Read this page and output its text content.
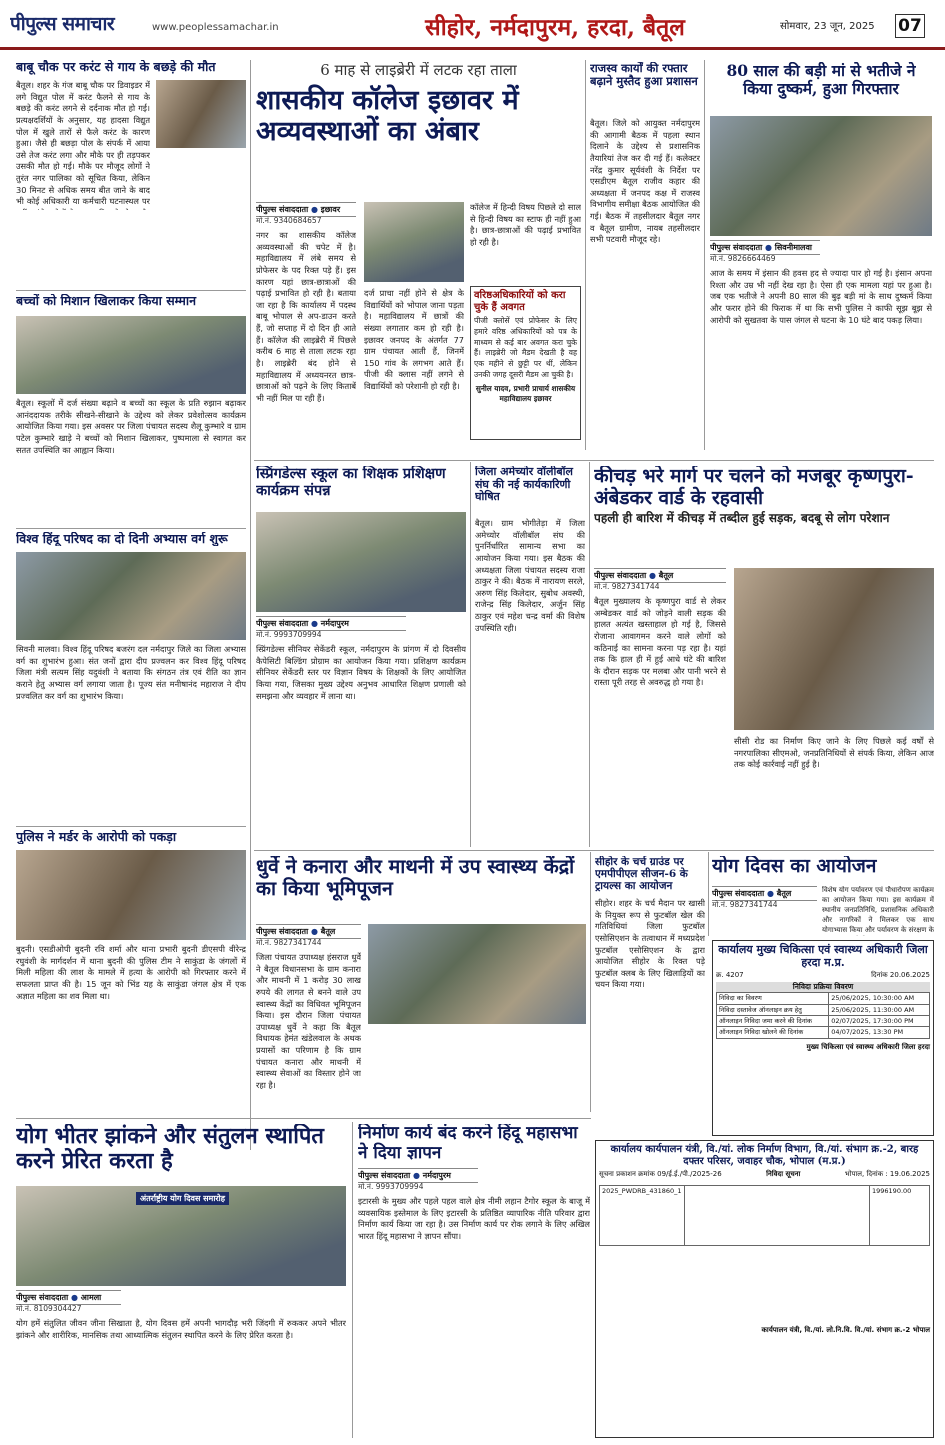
पीपुल्स समाचार	www.peoplessamachar.in	सीहोर, नर्मदापुरम, हरदा, बैतूल	सोमवार, 23 जून, 2025 07
बाबू चौक पर करंट से गाय के बछड़े की मौत
बैतूल। शहर के गंज बाबू चौक पर डिवाइडर में लगे विद्युत पोल में करंट फैलने से गाय के बछड़े की करंट लगने से दर्दनाक मौत हो गई। प्रत्यक्षदर्शियों के अनुसार, यह हादसा विद्युत पोल में खुले तारों से फैले करंट के कारण हुआ। जैसे ही बछड़ा पोल के संपर्क में आया उसे तेज करंट लगा और मौके पर ही तड़पकर उसकी मौत हो गई। मौके पर मौजूद लोगों ने तुरंत नगर पालिका को सूचित किया, लेकिन 30 मिनट से अधिक समय बीत जाने के बाद भी कोई अधिकारी या कर्मचारी घटनास्थल पर
बच्चों को मिशान खिलाकर किया सम्मान
बैतूल। स्कूलों में दर्ज संख्या बढ़ाने व बच्चों का स्कूल के प्रति रुझान बढ़ाकर आनंददायक तरीके सीखने-सीखाने के उद्देश्य को लेकर प्रवेशोत्सव कार्यक्रम आयोजित किया गया। इस अवसर पर जिला पंचायत सदस्य शैलू कुम्भारे व ग्राम पटेल कुम्भारे खाड़े ने बच्चों को मिशान खिलाकर, पुष्पमाला से स्वागत कर सतत उपस्थिति का आह्वान किया।
विश्व हिंदू परिषद का दो दिनी अभ्यास वर्ग शुरू
सिवनी मालवा। विश्व हिंदू परिषद बजरंग दल नर्मदापुर जिले का जिला अभ्यास वर्ग का शुभारंभ हुआ। संत जनों द्वारा दीप प्रज्वलन कर विश्व हिंदू परिषद जिला मंत्री सत्यम सिंह यदुवंशी ने बताया कि संगठन तंत्र एवं रीति का ज्ञान कराने हेतु अभ्यास वर्ग लगाया जाता है। पूज्य संत मनीषानंद महाराज ने दीप प्रज्वलित कर वर्ग का शुभारंभ किया।
पुलिस ने मर्डर के आरोपी को पकड़ा
बुदनी। एसडीओपी बुदनी रवि शर्मा और थाना प्रभारी बुदनी डीएसपी वीरेन्द्र रघुवंशी के मार्गदर्शन में थाना बुदनी की पुलिस टीम ने साकुंडा के जंगलों में मिली महिला की लाश के मामले में हत्या के आरोपी को गिरफ्तार करने में सफलता प्राप्त की है। 15 जून को भिंड यह के साकुंडा जंगल क्षेत्र में एक अज्ञात महिला का शव मिला था।
6 माह से लाइब्रेरी में लटक रहा ताला
शासकीय कॉलेज इछावर में अव्यवस्थाओं का अंबार
पीपुल्स संवाददाता ● इछावर
मो.नं. 9340684657
नगर का शासकीय कॉलेज अव्यवस्थाओं की चपेट में है। महाविद्यालय में लंबे समय से प्रोफेसर के पद रिक्त पड़े हैं। इस कारण यहां छात्र-छात्राओं की पढ़ाई प्रभावित हो रही है। बताया जा रहा है कि कार्यालय में पदस्थ बाबू भोपाल से अप-डाउन करते हैं, जो सप्ताह में दो दिन ही आते हैं। कॉलेज की लाइब्रेरी में पिछले करीब 6 माह से ताला लटक रहा है। लाइब्रेरी बंद होने से महाविद्यालय में अध्ययनरत छात्र-छात्राओं को पढ़ने के लिए किताबें भी नहीं मिल पा रही हैं।
दर्ज प्राचा नहीं होने से क्षेत्र के विद्यार्थियों को भोपाल जाना पड़ता है। महाविद्यालय में छात्रों की संख्या लगातार कम हो रही है। इछावर जनपद के अंतर्गत 77 ग्राम पंचायत आती हैं, जिनमें 150 गांव के लगभग आते हैं। पीजी की क्लास नहीं लगने से विद्यार्थियों को परेशानी हो रही है।
कॉलेज में हिन्दी विषय पिछले दो साल से हिन्दी विषय का स्टाफ ही नहीं हुआ है। छात्र-छात्राओं की पढ़ाई प्रभावित हो रही है।
वरिष्ठअधिकारियों को करा चुके हैं अवगत
पीजी क्लोसें एवं प्रोफेसर के लिए हमारे वरिष्ठ अधिकारियों को पत्र के माध्यम से कई बार अवगत करा चुके हैं। लाइब्रेरी जो मैडम देखती है वह एक महीने से छुट्टी पर थीं, लेकिन उनकी जगह दूसरी मैडम आ चुकी है।
सुनील यादव, प्रभारी प्राचार्य शासकीय महाविद्यालय इछावर
राजस्व कार्यों की रफ्तार बढ़ाने मुस्तैद हुआ प्रशासन
बैतूल। जिले को आयुक्त नर्मदापुरम की आगामी बैठक में पहला स्थान दिलाने के उद्देश्य से प्रशासनिक तैयारियां तेज कर दी गई हैं। कलेक्टर नरेंद्र कुमार सूर्यवंशी के निर्देश पर एसडीएम बैतूल राजीव कहार की अध्यक्षता में जनपद कक्ष में राजस्व विभागीय समीक्षा बैठक आयोजित की गई। बैठक में तहसीलदार बैतूल नगर व बैतूल ग्रामीण, नायब तहसीलदार सभी पटवारी मौजूद रहे।
80 साल की बड़ी मां से भतीजे ने किया दुष्कर्म, हुआ गिरफ्तार
पीपुल्स संवाददाता ● सिवनीमालवा
मो.नं. 9826664469
आज के समय में इंसान की हवस हद से ज्यादा पार हो गई है। इंसान अपना रिश्ता और उम्र भी नहीं देख रहा है। ऐसा ही एक मामला यहां पर हुआ है। जब एक भतीजे ने अपनी 80 साल की बुढ़ बड़ी मां के साथ दुष्कर्म किया और फरार होने की फिराक में था कि सभी पुलिस ने काफी सूझ बूझ से आरोपी को सुखतवा के पास जंगल से घटना के 10 घंटे बाद पकड़ लिया।
स्प्रिंगडेल्स स्कूल का शिक्षक प्रशिक्षण कार्यक्रम संपन्न
पीपुल्स संवाददाता ● नर्मदापुरम
मो.नं. 9993709994
स्प्रिंगडेल्स सीनियर सेकेंडरी स्कूल, नर्मदापुरम के प्रांगण में दो दिवसीय कैपेसिटी बिल्डिंग प्रोग्राम का आयोजन किया गया। प्रशिक्षण कार्यक्रम सीनियर सेकेंडरी स्तर पर विज्ञान विषय के शिक्षकों के लिए आयोजित किया गया, जिसका मुख्य उद्देश्य अनुभव आधारित शिक्षण प्रणाली को समझना और व्यवहार में लाना था।
जिला अमेच्योर वॉलीबॉल संघ की नई कार्यकारिणी घोषित
बैतूल। ग्राम भोगीतेड़ा में जिला अमेच्योर वॉलीबॉल संघ की पुनर्निर्धारित सामान्य सभा का आयोजन किया गया। इस बैठक की अध्यक्षता जिला पंचायत सदस्य राजा ठाकुर ने की। बैठक में नारायण सरले, अरुण सिंह किलेदार, सुबोध अवस्थी, राजेन्द्र सिंह किलेदार, अर्जुन सिंह ठाकुर एवं महेश चन्द्र वर्मा की विशेष उपस्थिति रही।
कीचड़ भरे मार्ग पर चलने को मजबूर कृष्णपुरा-अंबेडकर वार्ड के रहवासी
पहली ही बारिश में कीचड़ में तब्दील हुई सड़क, बदबू से लोग परेशान
पीपुल्स संवाददाता ● बैतूल
मो.नं. 9827341744
बैतूल मुख्यालय के कृष्णपुरा वार्ड से लेकर अम्बेडकर वार्ड को जोड़ने वाली सड़क की हालत अत्यंत खस्ताहाल हो गई है, जिससे रोजाना आवागमन करने वाले लोगों को कठिनाई का सामना करना पड़ रहा है। यहां तक कि हाल ही में हुई आधे घंटे की बारिश के दौरान सड़क पर मलबा और पानी भरने से रास्ता पूरी तरह से अवरुद्ध हो गया है।
सीसी रोड का निर्माण किए जाने के लिए पिछले कई वर्षों से नगरपालिका सीएमओ, जनप्रतिनिधियों से संपर्क किया, लेकिन आज तक कोई कार्रवाई नहीं हुई है।
धुर्वे ने कनारा और माथनी में उप स्वास्थ्य केंद्रों का किया भूमिपूजन
पीपुल्स संवाददाता ● बैतूल
मो.नं. 9827341744
जिला पंचायत उपाध्यक्ष हंसराज धुर्वे ने बैतूल विधानसभा के ग्राम कनारा और माथनी में 1 करोड़ 30 लाख रुपये की लागत से बनने वाले उप स्वास्थ्य केंद्रों का विधिवत भूमिपूजन किया। इस दौरान जिला पंचायत उपाध्यक्ष धुर्वे ने कहा कि बैतूल विधायक हेमंत खंडेलवाल के अथक प्रयासों का परिणाम है कि ग्राम पंचायत कनारा और माथनी में स्वास्थ्य सेवाओं का विस्तार होने जा रहा है।
सीहोर के चर्च ग्राउंड पर एमपीपीएल सीजन-6 के ट्रायल्स का आयोजन
सीहोर। शहर के चर्च मैदान पर खासी के नियुक्त रूप से फुटबॉल खेल की गतिविधियां जिला फुटबॉल एसोसिएशन के तत्वाधान में मध्यप्रदेश फुटबॉल एसोसिएशन के द्वारा आयोजित सीहोर के रिक्त पड़े फुटबॉल क्लब के लिए खिलाड़ियों का चयन किया गया।
योग दिवस का आयोजन
पीपुल्स संवाददाता ● बैतूल
मो.नं. 9827341744
विशेष योग पर्यावरण एवं पौधारोपण कार्यक्रम का आयोजन किया गया। इस कार्यक्रम में स्थानीय जनप्रतिनिधि, प्रशासनिक अधिकारी और नागरिकों ने मिलकर एक साथ योगाभ्यास किया और पर्यावरण के संरक्षण के
कार्यालय मुख्य चिकित्सा एवं स्वास्थ्य अधिकारी जिला हरदा म.प्र.
क्र. 4207	दिनांक 20.06.2025
निविदा प्रक्रिया विवरण
निविदा का विवरण	25/06/2025, 10:30:00 AM
निविदा दस्तावेज ऑनलाइन क्रय हेतु	25/06/2025, 11:30:00 AM
ऑनलाइन निविदा जमा करने की दिनांक	02/07/2025, 17:30:00 PM
ऑनलाइन निविदा खोलने की दिनांक	04/07/2025, 13:30 PM
मुख्य चिकित्सा एवं स्वास्थ्य अधिकारी जिला हरदा
योग भीतर झांकने और संतुलन स्थापित करने प्रेरित करता है
अंतर्राष्ट्रीय योग दिवस समारोह
पीपुल्स संवाददाता ● आमला
मो.नं. 8109304427
योग हमें संतुलित जीवन जीना सिखाता है, योग दिवस हमें अपनी भागदौड़ भरी जिंदगी में रुककर अपने भीतर झांकने और शारीरिक, मानसिक तथा आध्यात्मिक संतुलन स्थापित करने के लिए प्रेरित करता है।
निर्माण कार्य बंद करने हिंदू महासभा ने दिया ज्ञापन
पीपुल्स संवाददाता ● नर्मदापुरम
मो.नं. 9993709994
इटारसी के मुख्य और पहले पहल वाले क्षेत्र नीमी लहान टैगोर स्कूल के बाजू में व्यवसायिक इस्तेमाल के लिए इटारसी के प्रतिष्ठित व्यापारिक नीति परिवार द्वारा निर्माण कार्य किया जा रहा है। उस निर्माण कार्य पर रोक लगाने के लिए अखिल भारत हिंदू महासभा ने ज्ञापन सौंपा।
कार्यालय कार्यपालन यंत्री, वि./यां. लोक निर्माण विभाग, वि./यां. संभाग क्र.-2, बारह दफ्तर परिसर, जवाहर चौक, भोपाल (म.प्र.)
सूचना प्रकाशन क्रमांक 09/ई.ई./पी./2025-26	निविदा सूचना	भोपाल, दिनांक : 19.06.2025
2025_PWDRB_431860_1		1996190.00
कार्यपालन यंत्री, वि./यां. लो.नि.वि. वि./यां. संभाग क्र.-2 भोपाल
